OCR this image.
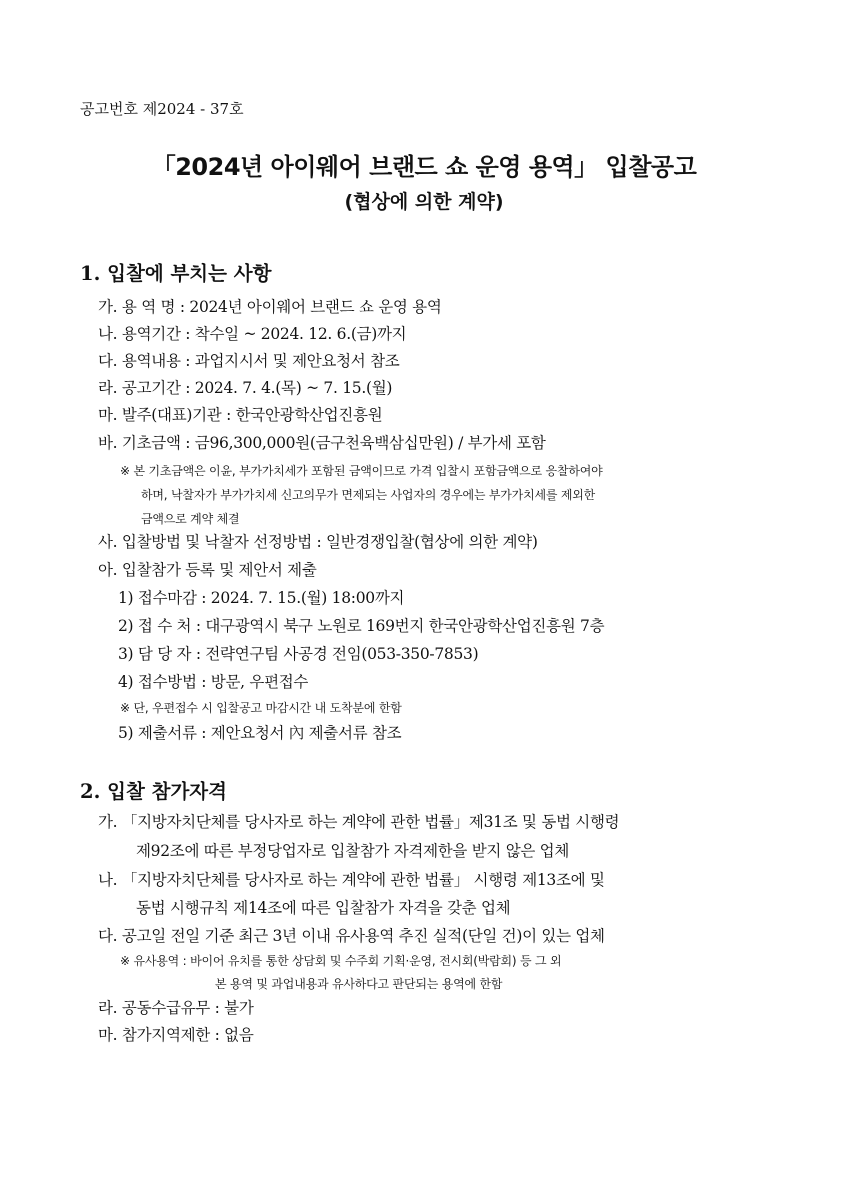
공고번호 제2024 - 37호
「2024년 아이웨어 브랜드 쇼 운영 용역」 입찰공고
(협상에 의한 계약)
1. 입찰에 부치는 사항
가. 용 역 명 : 2024년 아이웨어 브랜드 쇼 운영 용역
나. 용역기간 : 착수일 ~ 2024. 12. 6.(금)까지
다. 용역내용 : 과업지시서 및 제안요청서 참조
라. 공고기간 : 2024. 7. 4.(목) ~ 7. 15.(월)
마. 발주(대표)기관 : 한국안광학산업진흥원
바. 기초금액 : 금96,300,000원(금구천육백삼십만원) / 부가세 포함
※ 본 기초금액은 이윤, 부가가치세가 포함된 금액이므로 가격 입찰시 포함금액으로 응찰하여야
하며, 낙찰자가 부가가치세 신고의무가 면제되는 사업자의 경우에는 부가가치세를 제외한
금액으로 계약 체결
사. 입찰방법 및 낙찰자 선정방법 : 일반경쟁입찰(협상에 의한 계약)
아. 입찰참가 등록 및 제안서 제출
1) 접수마감 : 2024. 7. 15.(월) 18:00까지
2) 접 수 처 : 대구광역시 북구 노원로 169번지 한국안광학산업진흥원 7층
3) 담 당 자 : 전략연구팀 사공경 전임(053-350-7853)
4) 접수방법 : 방문, 우편접수
※ 단, 우편접수 시 입찰공고 마감시간 내 도착분에 한함
5) 제출서류 : 제안요청서 內 제출서류 참조
2. 입찰 참가자격
가. 「지방자치단체를 당사자로 하는 계약에 관한 법률」제31조 및 동법 시행령
제92조에 따른 부정당업자로 입찰참가 자격제한을 받지 않은 업체
나. 「지방자치단체를 당사자로 하는 계약에 관한 법률」 시행령 제13조에 및
동법 시행규칙 제14조에 따른 입찰참가 자격을 갖춘 업체
다. 공고일 전일 기준 최근 3년 이내 유사용역 추진 실적(단일 건)이 있는 업체
※ 유사용역 : 바이어 유치를 통한 상담회 및 수주회 기획·운영, 전시회(박람회) 등 그 외
본 용역 및 과업내용과 유사하다고 판단되는 용역에 한함
라. 공동수급유무 : 불가
마. 참가지역제한 : 없음
